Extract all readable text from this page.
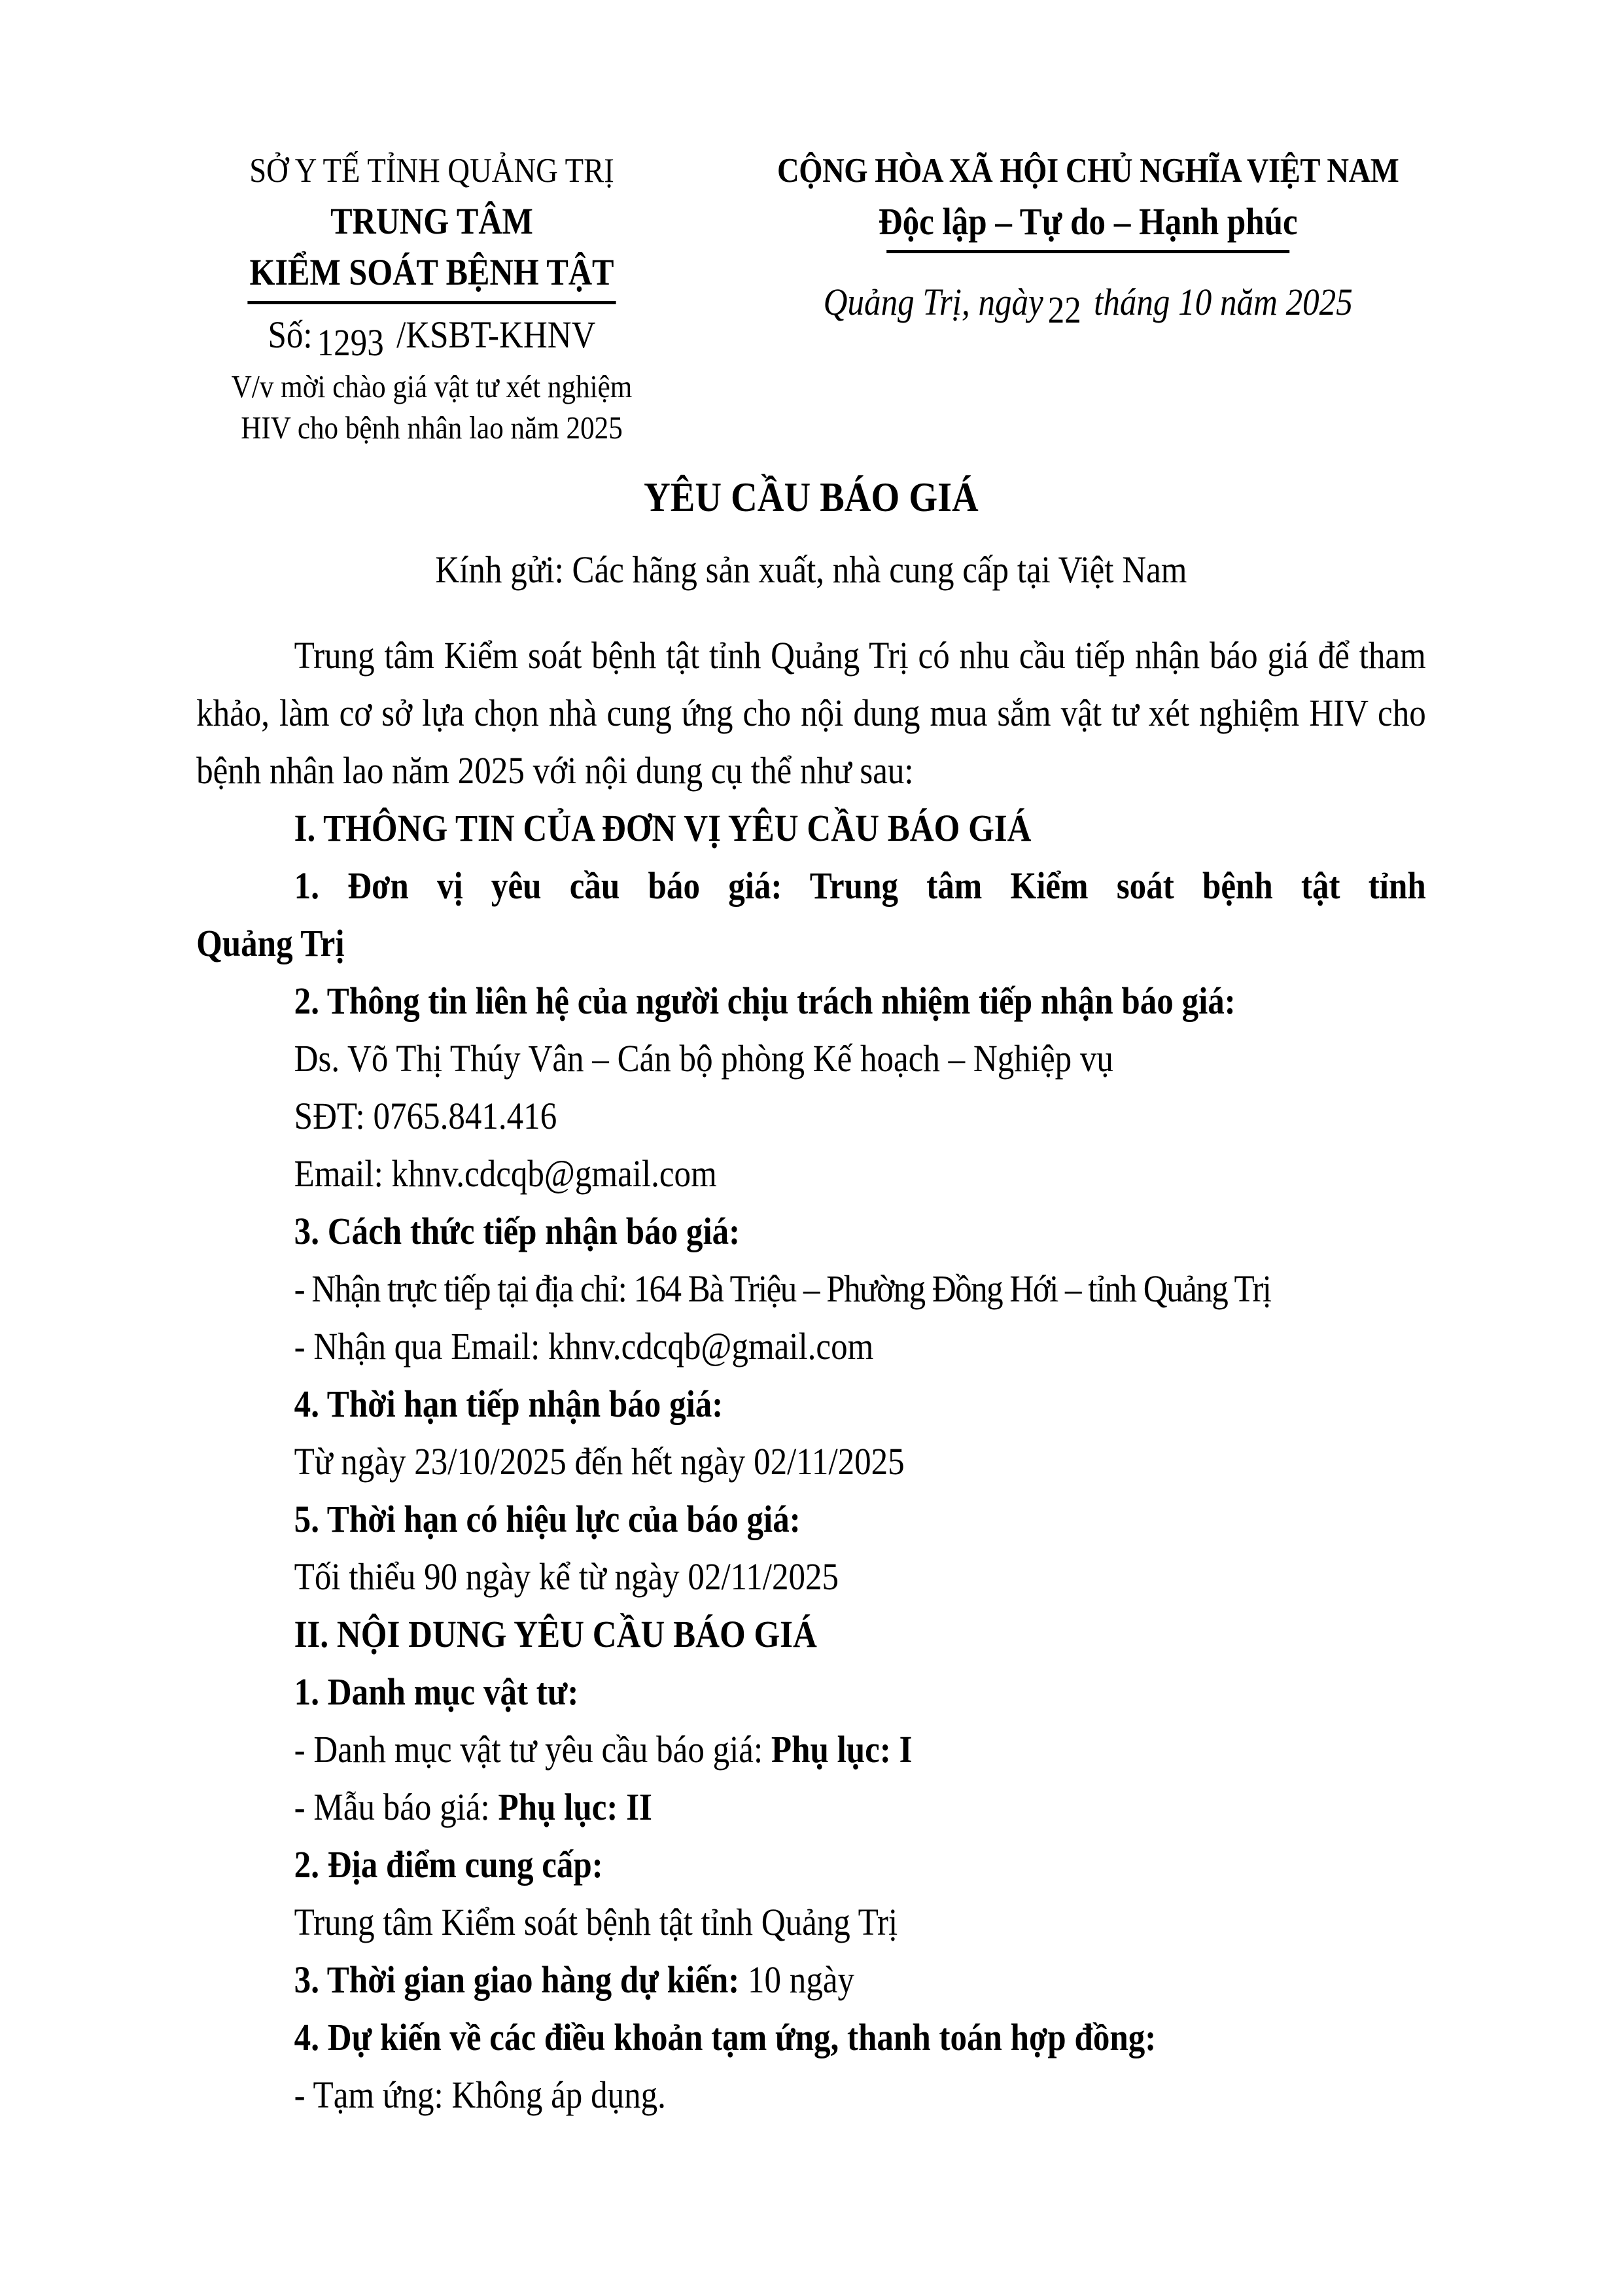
SỞ Y TẾ TỈNH QUẢNG TRỊ
TRUNG TÂM
KIỂM SOÁT BỆNH TẬT
Số: 1293 /KSBT-KHNV
V/v mời chào giá vật tư xét nghiệm
HIV cho bệnh nhân lao năm 2025
CỘNG HÒA XÃ HỘI CHỦ NGHĨA VIỆT NAM
Độc lập – Tự do – Hạnh phúc
Quảng Trị, ngày 22 tháng 10 năm 2025
YÊU CẦU BÁO GIÁ
Kính gửi: Các hãng sản xuất, nhà cung cấp tại Việt Nam

Trung tâm Kiểm soát bệnh tật tỉnh Quảng Trị có nhu cầu tiếp nhận báo giá để tham khảo, làm cơ sở lựa chọn nhà cung ứng cho nội dung mua sắm vật tư xét nghiệm HIV cho bệnh nhân lao năm 2025 với nội dung cụ thể như sau:

I. THÔNG TIN CỦA ĐƠN VỊ YÊU CẦU BÁO GIÁ

1. Đơn vị yêu cầu báo giá: Trung tâm Kiểm soát bệnh tật tỉnh

Quảng Trị

2. Thông tin liên hệ của người chịu trách nhiệm tiếp nhận báo giá:

Ds. Võ Thị Thúy Vân – Cán bộ phòng Kế hoạch – Nghiệp vụ

SĐT: 0765.841.416

Email: khnv.cdcqb@gmail.com

3. Cách thức tiếp nhận báo giá:

- Nhận trực tiếp tại địa chỉ: 164 Bà Triệu – Phường Đồng Hới – tỉnh Quảng Trị

- Nhận qua Email: khnv.cdcqb@gmail.com

4. Thời hạn tiếp nhận báo giá:

Từ ngày 23/10/2025 đến hết ngày 02/11/2025

5. Thời hạn có hiệu lực của báo giá:

Tối thiểu 90 ngày kể từ ngày 02/11/2025

II. NỘI DUNG YÊU CẦU BÁO GIÁ

1. Danh mục vật tư:

- Danh mục vật tư yêu cầu báo giá: Phụ lục: I

- Mẫu báo giá: Phụ lục: II

2. Địa điểm cung cấp:

Trung tâm Kiểm soát bệnh tật tỉnh Quảng Trị

3. Thời gian giao hàng dự kiến: 10 ngày

4. Dự kiến về các điều khoản tạm ứng, thanh toán hợp đồng:

- Tạm ứng: Không áp dụng.
